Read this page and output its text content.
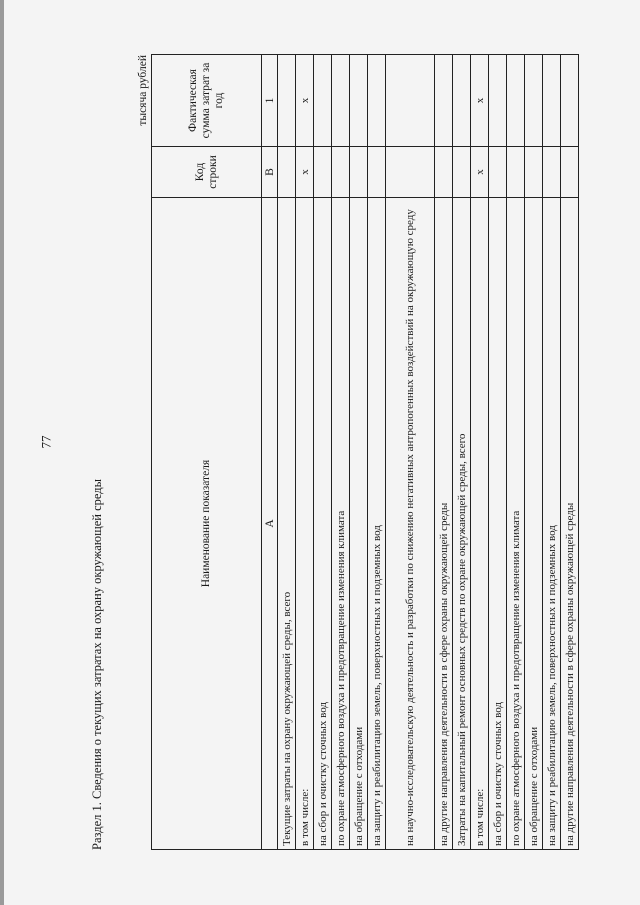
77
Раздел 1. Сведения о текущих затратах на охрану окружающей среды
тысяча рублей
Наименование показателя	Код строки	Фактическая сумма затрат за год
А	В	1
Текущие затраты на охрану окружающей среды, всего		
в том числе:	x	x
на сбор и очистку сточных вод		
по охране атмосферного воздуха и предотвращение изменения климата		
на обращение с отходами		
на защиту и реабилитацию земель, поверхностных и подземных вод		
на научно-исследовательскую деятельность и разработки по снижению негативных антропогенных воздействий на окружающую среду		
на другие направления деятельности в сфере охраны окружающей среды		
Затраты на капитальный ремонт основных средств по охране окружающей среды, всего		
в том числе:	x	x
на сбор и очистку сточных вод		
по охране атмосферного воздуха и предотвращение изменения климата		
на обращение с отходами		
на защиту и реабилитацию земель, поверхностных и подземных вод		
на другие направления деятельности в сфере охраны окружающей среды		
